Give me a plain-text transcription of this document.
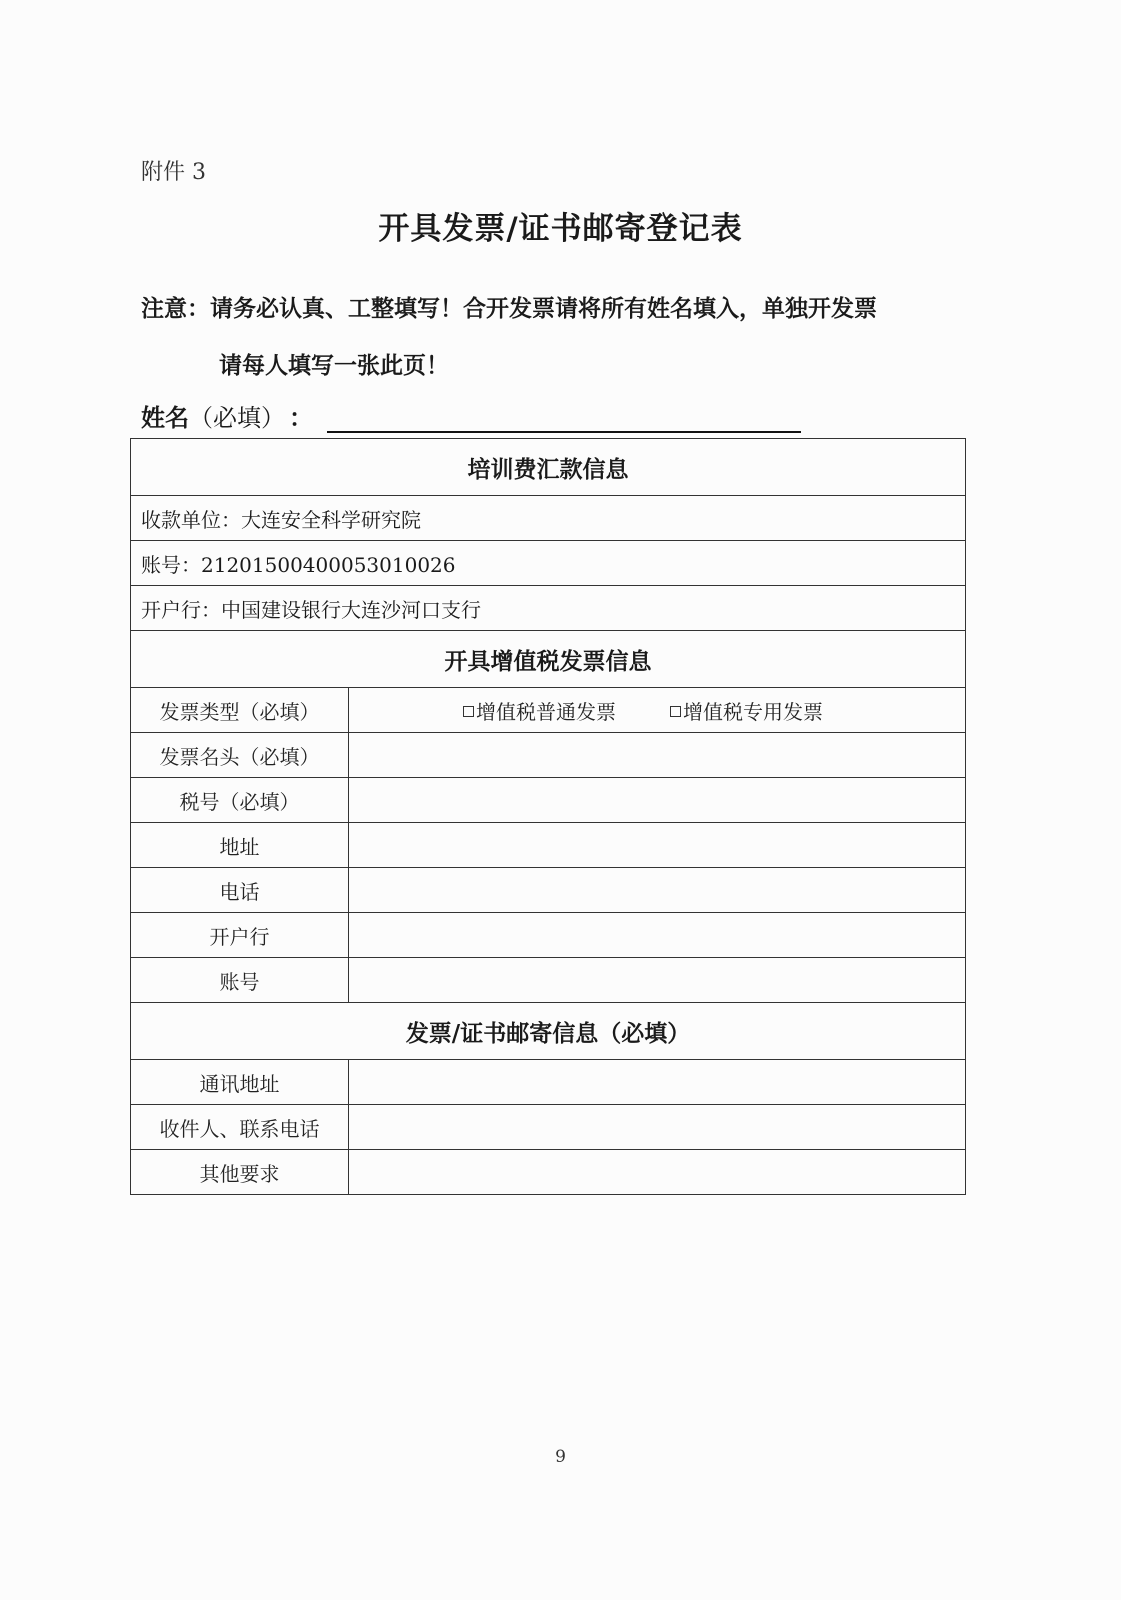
附件 3
开具发票/证书邮寄登记表
注意：请务必认真、工整填写！合开发票请将所有姓名填入，单独开发票
请每人填写一张此页！
姓名 （必填） ：
培训费汇款信息	
收款单位：大连安全科学研究院	
账号：21201500400053010026	
开户行：中国建设银行大连沙河口支行	
开具增值税发票信息	
发票类型（必填）	增值税普通发票 增值税专用发票

发票名头（必填）	
税号（必填）	
地址	
电话	
开户行	
账号	
发票/证书邮寄信息（必填）	
通讯地址	
收件人、联系电话	
其他要求	
9
